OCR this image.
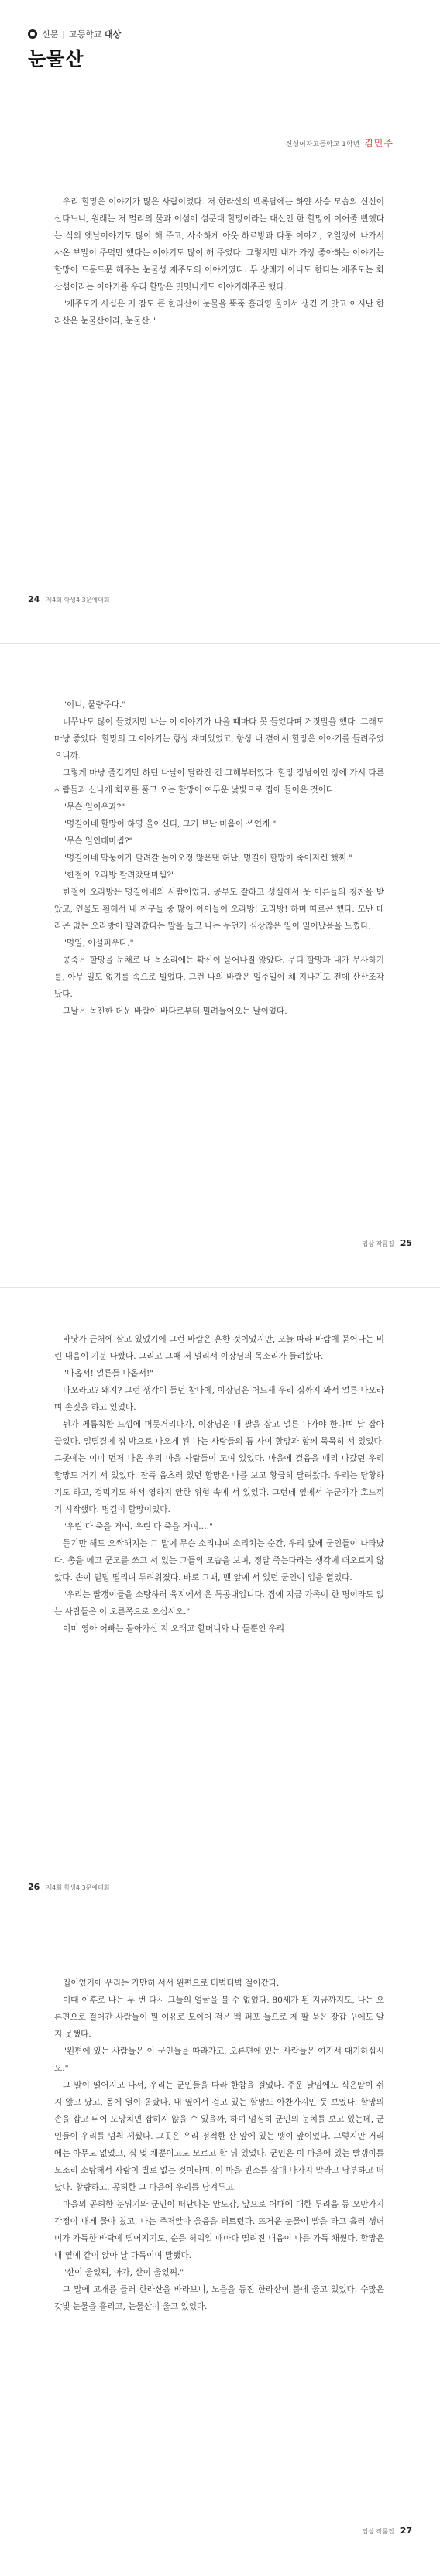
신문 | 고등학교
대상
눈물산
신성여자고등학교 1학년 김민주

우리 할망은 이야기가 많은 사람이었다. 저 한라산의 백록담에는 하얀 사슴 모습의 신선이 산다느니, 원래는 저 멀리의 물과 이섬이 섬문대 할망이라는 대신인 한 할망이 이어줄 뻔했다는 식의 옛날이야기도 많이 해 주고, 사소하게 아웃 하르방과 다툼 이야기, 오일장에 나가서 사온 보말이 주먹만 했다는 이야기도 많이 해 주었다. 그렇지만 내가 가장 좋아하는 이야기는 할망이 드문드문 해주는 눈물성 제주도의 이야기였다. 두 상례가 아니도 한다는 제주도는 화산섬이라는 이야기를 우리 할망은 밋밋나게도 이야기해주곤 했다.

"제주도가 사십은 저 잠도 큰 한라산이 눈물을 뚝뚝 흘리영 울어서 생긴 거 앗고 이시난 한라산은 눈물산이라, 눈물산."

24 제4회 학생4·3문예대회

"이니, 물량주다."

너무나도 많이 들었지만 나는 이 이야기가 나올 때마다 못 들었다며 거짓말을 했다. 그래도 마냥 좋았다. 할망의 그 이야기는 항상 재미있었고, 항상 내 곁에서 할망은 이야기를 들려주었으니까.

그렇게 마냥 즐겁기만 하던 나날이 달라진 건 그해부터였다. 할망 장남이인 장에 가서 다른 사람들과 신나게 회포를 풀고 오는 할망이 여두운 낯빛으로 집에 들어온 것이다.

"무슨 일이우과?"

"명길이네 할망이 하영 울어신디, 그거 보난 마음이 쓰연게."

"무슨 일인데마씸?"

"명길이네 막둥이가 팔려갈 돌아오정 않은댄 허난, 명길이 할망이 죽어지켄 했쩌."

"한철이 오라방 팔려갔댄마씸?"

한철이 오라방은 명길이네의 사람이었다. 공부도 잘하고 성실해서 옷 어른들의 칭찬을 받았고, 인물도 훤해서 내 친구들 중 많이 아이들이 오라방! 오라방! 하며 따르곤 했다. 모난 데라곤 없는 오라방이 팔려갔다는 말을 들고 나는 무언가 심상찮은 일이 일어났음을 느꼈다.

"명일, 어설퍼우다."

콩죽은 할망을 둔채로 내 목소리에는 확신이 묻어나질 않았다. 무디 할망과 내가 무사하기를, 아무 일도 없기를 속으로 빌었다. 그런 나의 바람은 일주일이 채 지나기도 전에 산산조각 났다.

그날은 녹진한 더운 바람이 바다로부터 밀려들어오는 날이었다.

입상 작품집 25

바닷가 근처에 살고 있었기에 그런 바람은 흔한 것이었지만, 오늘 따라 바람에 묻어나는 비린 내음이 기분 나빴다. 그리고 그때 저 멀리서 이장님의 목소리가 들려왔다.

"나옵서! 얼른들 나옵서!"

나오라고? 왜지? 그런 생각이 들던 참나에, 이장님은 어느새 우리 집까지 와서 얼른 나오라며 손짓을 하고 있었다.

뭔가 께름칙한 느낌에 머뭇거리다가, 이장님은 내 팔을 잡고 얼른 나가야 한다며 날 잡아 끌었다. 얼떨결에 집 밖으로 나오게 된 나는 사람들의 틈 사이 할망과 함께 묵묵히 서 있었다. 그곳에는 이미 먼저 나온 우리 마을 사람들이 모여 있었다. 마을에 걸음을 때리 나갔던 우리 할망도 거기 서 있었다. 잔뜩 움츠러 있던 할망은 나를 보고 황급히 달려왔다. 우리는 당황하기도 하고, 겁먹기도 해서 영하지 안한 위험 속에 서 있었다. 그런데 옆에서 누군가가 호느끼기 시작했다. 명길이 할망이었다.

"우린 다 죽을 거여. 우린 다 죽을 거여…."

듣기만 해도 오싹해지는 그 말에 무슨 소리냐며 소리치는 순간, 우리 앞에 군인들이 나타났다. 총을 메고 군모를 쓰고 서 있는 그들의 모습을 보며, 정말 죽는다라는 생각에 떠오르지 않았다. 손이 덜덜 떨리며 두려워졌다. 바로 그때, 맨 앞에 서 있던 군인이 입을 열었다.

"우리는 빨갱이들을 소탕하러 육지에서 온 특공대입니다. 집에 지금 가족이 한 명이라도 없는 사람들은 이 오른쪽으로 오십시오."

이미 영아 어빠는 돌아가신 지 오래고 할머니와 나 둘뿐인 우리

26 제4회 학생4·3문예대회

집이었기에 우리는 가만히 서서 왼편으로 터벅터벅 걸어갔다.

이때 이후로 나는 두 번 다시 그들의 얼굴을 볼 수 없었다. 80세가 된 지금까지도, 나는 오른편으로 걸어간 사람들이 뭔 이유로 모이어 검은 백 퍼포 들으로 제 팔 묶은 장갑 꾸에도 알지 못했다.

"왼편에 있는 사람들은 이 군인들을 따라가고, 오른편에 있는 사람들은 여기서 대기하십시오."

그 말이 떨어지고 나서, 우리는 군인들을 따라 한참을 걸었다. 주운 날임에도 식은땀이 쉬지 않고 났고, 몸에 열이 올랐다. 내 옆에서 걷고 있는 할망도 아찬가지인 듯 보였다. 할망의 손을 잡고 뛰어 도망치면 잡히지 않을 수 있을까, 하며 엄심히 군인의 눈치를 보고 있는데, 군인들이 우리를 멈춰 세웠다. 그곳은 우리 정적한 산 앞에 있는 맹이 앞이었다. 그렇지만 거리에는 아무도 없었고, 집 몇 채뿐이고도 모르고 할 뒤 있었다. 군인은 이 마을에 있는 빨갱이를 모조리 소탕해서 사람이 별로 없는 것이라며, 이 마을 빈소를 잡대 나가지 말라고 당부하고 떠났다. 황량하고, 공허한 그 마을에 우리를 남겨두고.

마을의 공허한 분위기와 군인이 떠난다는 안도감, 앞으로 어때에 대한 두려움 등 오만가지 감정이 내게 물아 쳤고, 나는 주저앉아 울음을 터트렸다. 뜨거운 눈물이 빨을 타고 흘러 생더미가 가득한 바닥에 떨어지기도, 순을 혀먹일 때마다 떨려진 내음이 나를 가득 채웠다. 할망은 내 옆에 같이 앉아 날 다독이며 말했다.

"산이 울었쪄, 아가, 산이 울었쪄."

그 말에 고개를 들러 한라산을 바라보니, 노을을 등진 한라산이 불에 울고 있었다. 수많은 갓빛 눈물을 흘리고, 눈물산이 울고 있었다.

입상 작품집 27
